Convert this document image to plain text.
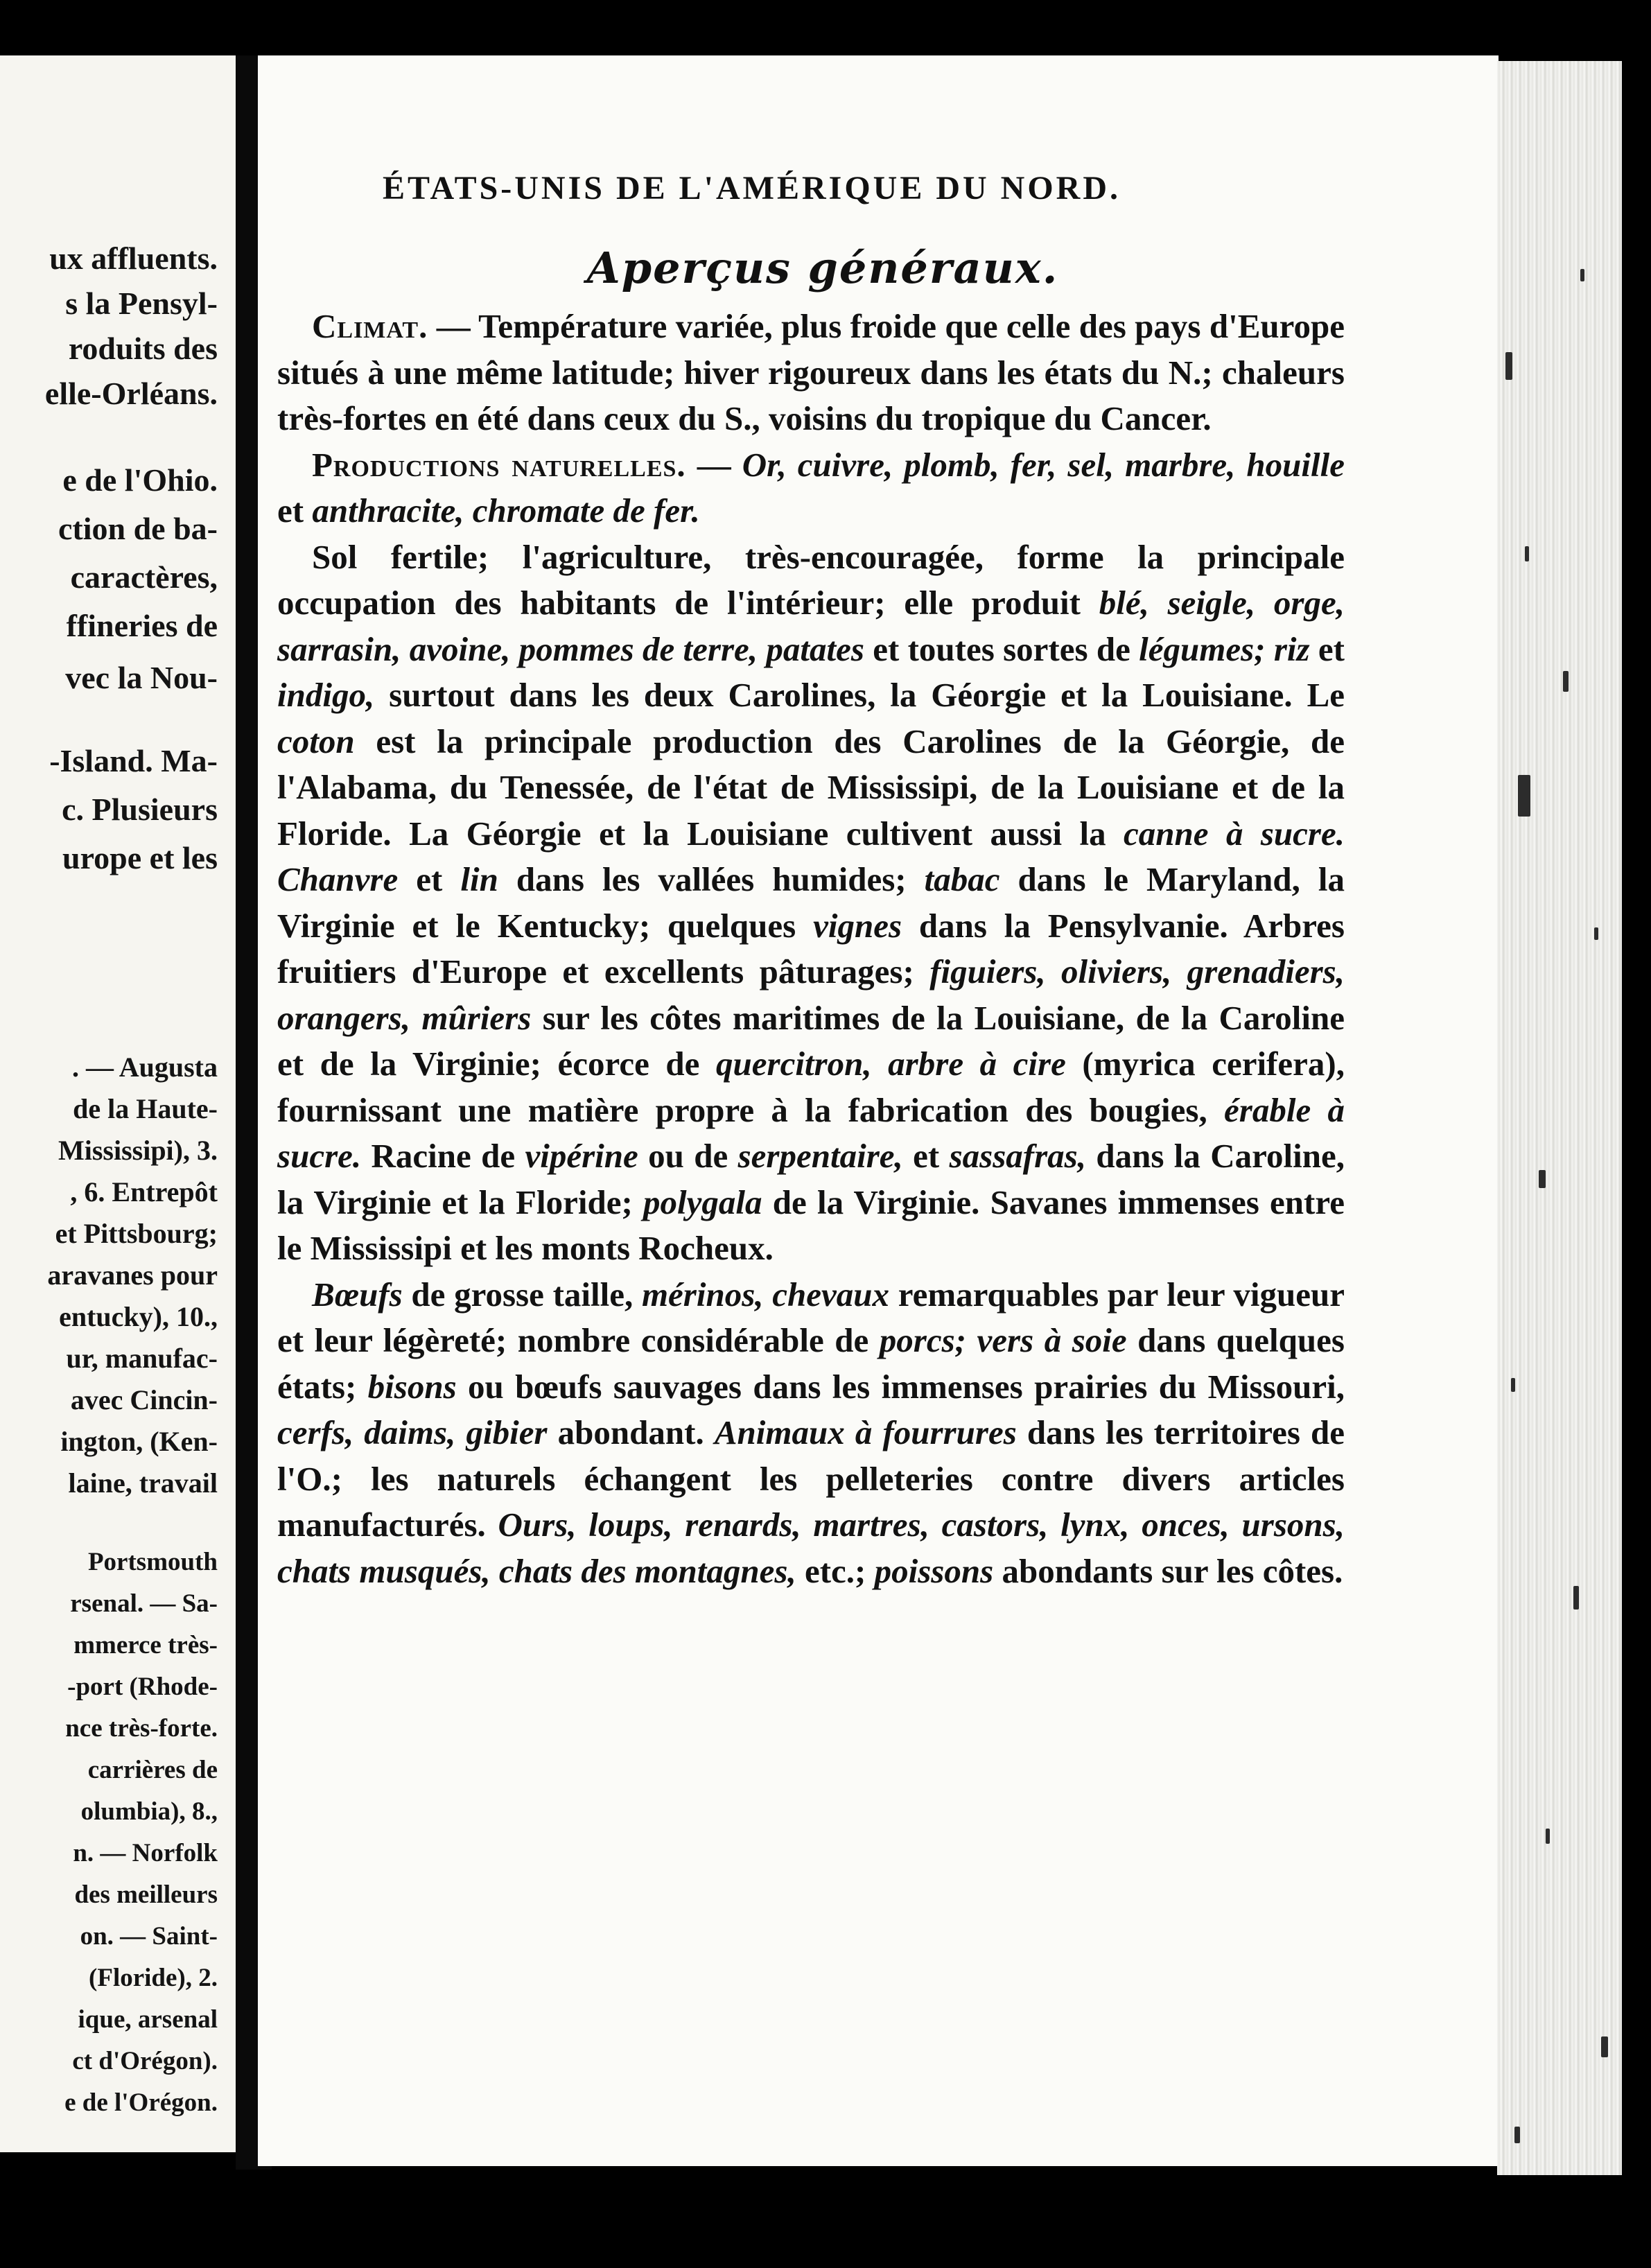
ux affluents.
s la Pensyl-
roduits des
elle-Orléans.
e de l'Ohio.
ction de ba-
caractères,
ffineries de
vec la Nou-
-Island. Ma-
c. Plusieurs
urope et les
. — Augusta
de la Haute-
Mississipi), 3.
, 6. Entrepôt
et Pittsbourg;
aravanes pour
entucky), 10.,
ur, manufac-
avec Cincin-
ington, (Ken-
laine, travail
Portsmouth
rsenal. — Sa-
mmerce très-
-port (Rhode-
nce très-forte.
carrières de
olumbia), 8.,
n. — Norfolk
des meilleurs
on. — Saint-
(Floride), 2.
ique, arsenal
ct d'Orégon).
e de l'Orégon.
ÉTATS-UNIS DE L'AMÉRIQUE DU NORD.
Aperçus généraux.

Climat. — Température variée, plus froide que celle des pays d'Europe situés à une même latitude; hiver rigoureux dans les états du N.; chaleurs très-fortes en été dans ceux du S., voisins du tropique du Cancer.

Productions naturelles. — Or, cuivre, plomb, fer, sel, marbre, houille et anthracite, chromate de fer.

Sol fertile; l'agriculture, très-encouragée, forme la principale occupation des habitants de l'intérieur; elle produit blé, seigle, orge, sarrasin, avoine, pommes de terre, patates et toutes sortes de légumes; riz et indigo, surtout dans les deux Carolines, la Géorgie et la Louisiane. Le coton est la principale production des Carolines de la Géorgie, de l'Alabama, du Tenessée, de l'état de Mississipi, de la Louisiane et de la Floride. La Géorgie et la Louisiane cultivent aussi la canne à sucre. Chanvre et lin dans les vallées humides; tabac dans le Maryland, la Virginie et le Kentucky; quelques vignes dans la Pensylvanie. Arbres fruitiers d'Europe et excellents pâturages; figuiers, oliviers, grenadiers, orangers, mûriers sur les côtes maritimes de la Louisiane, de la Caroline et de la Virginie; écorce de quercitron, arbre à cire (myrica cerifera), fournissant une matière propre à la fabrication des bougies, érable à sucre. Racine de vipérine ou de serpentaire, et sassafras, dans la Caroline, la Virginie et la Floride; polygala de la Virginie. Savanes immenses entre le Mississipi et les monts Rocheux.

Bœufs de grosse taille, mérinos, chevaux remarquables par leur vigueur et leur légèreté; nombre considérable de porcs; vers à soie dans quelques états; bisons ou bœufs sauvages dans les immenses prairies du Missouri, cerfs, daims, gibier abondant. Animaux à fourrures dans les territoires de l'O.; les naturels échangent les pelleteries contre divers articles manufacturés. Ours, loups, renards, martres, castors, lynx, onces, ursons, chats musqués, chats des montagnes, etc.; poissons abondants sur les côtes.
